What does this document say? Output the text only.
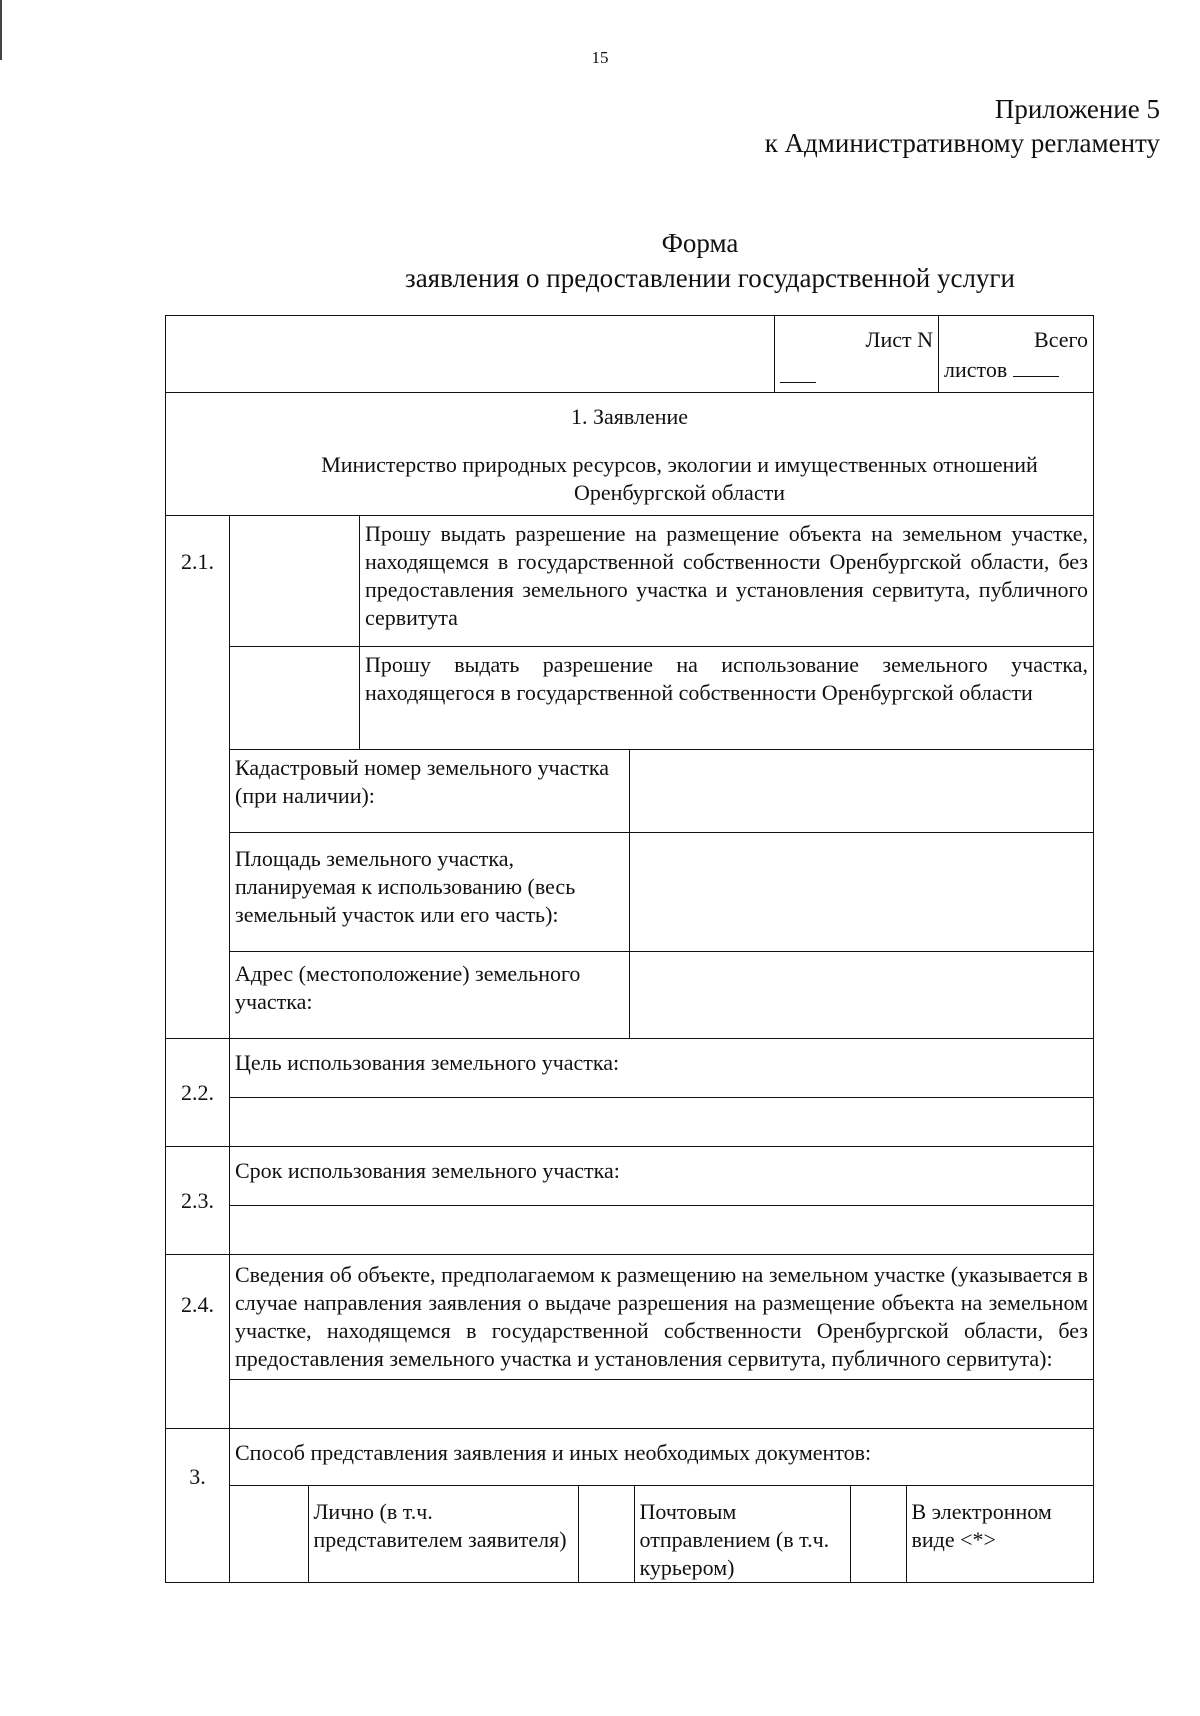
15
Приложение 5
к Административному регламенту
Форма
заявления о предоставлении государственной услуги

Лист N	Всего
листов

1. Заявление
Министерство природных ресурсов, экологии и имущественных отношений Оренбургской области

2.1.		Прошу выдать разрешение на размещение объекта на земельном участке, находящемся в государственной собственности Оренбургской области, без предоставления земельного участка и установления сервитута, публичного сервитута
	Прошу выдать разрешение на использование земельного участка, находящегося в государственной собственности Оренбургской области
Кадастровый номер земельного участка (при наличии):	
Площадь земельного участка, планируемая к использованию (весь земельный участок или его часть):	
Адрес (местоположение) земельного участка:	
2.2.	Цель использования земельного участка:

2.3.	Срок использования земельного участка:

2.4.	Сведения об объекте, предполагаемом к размещению на земельном участке (указывается в случае направления заявления о выдаче разрешения на размещение объекта на земельном участке, находящемся в государственной собственности Оренбургской области, без предоставления земельного участка и установления сервитута, публичного сервитута):

3.	Способ представления заявления и иных необходимых документов:

	Лично (в т.ч. представителем заявителя)		Почтовым отправлением (в т.ч. курьером)		В электронном виде <*>
